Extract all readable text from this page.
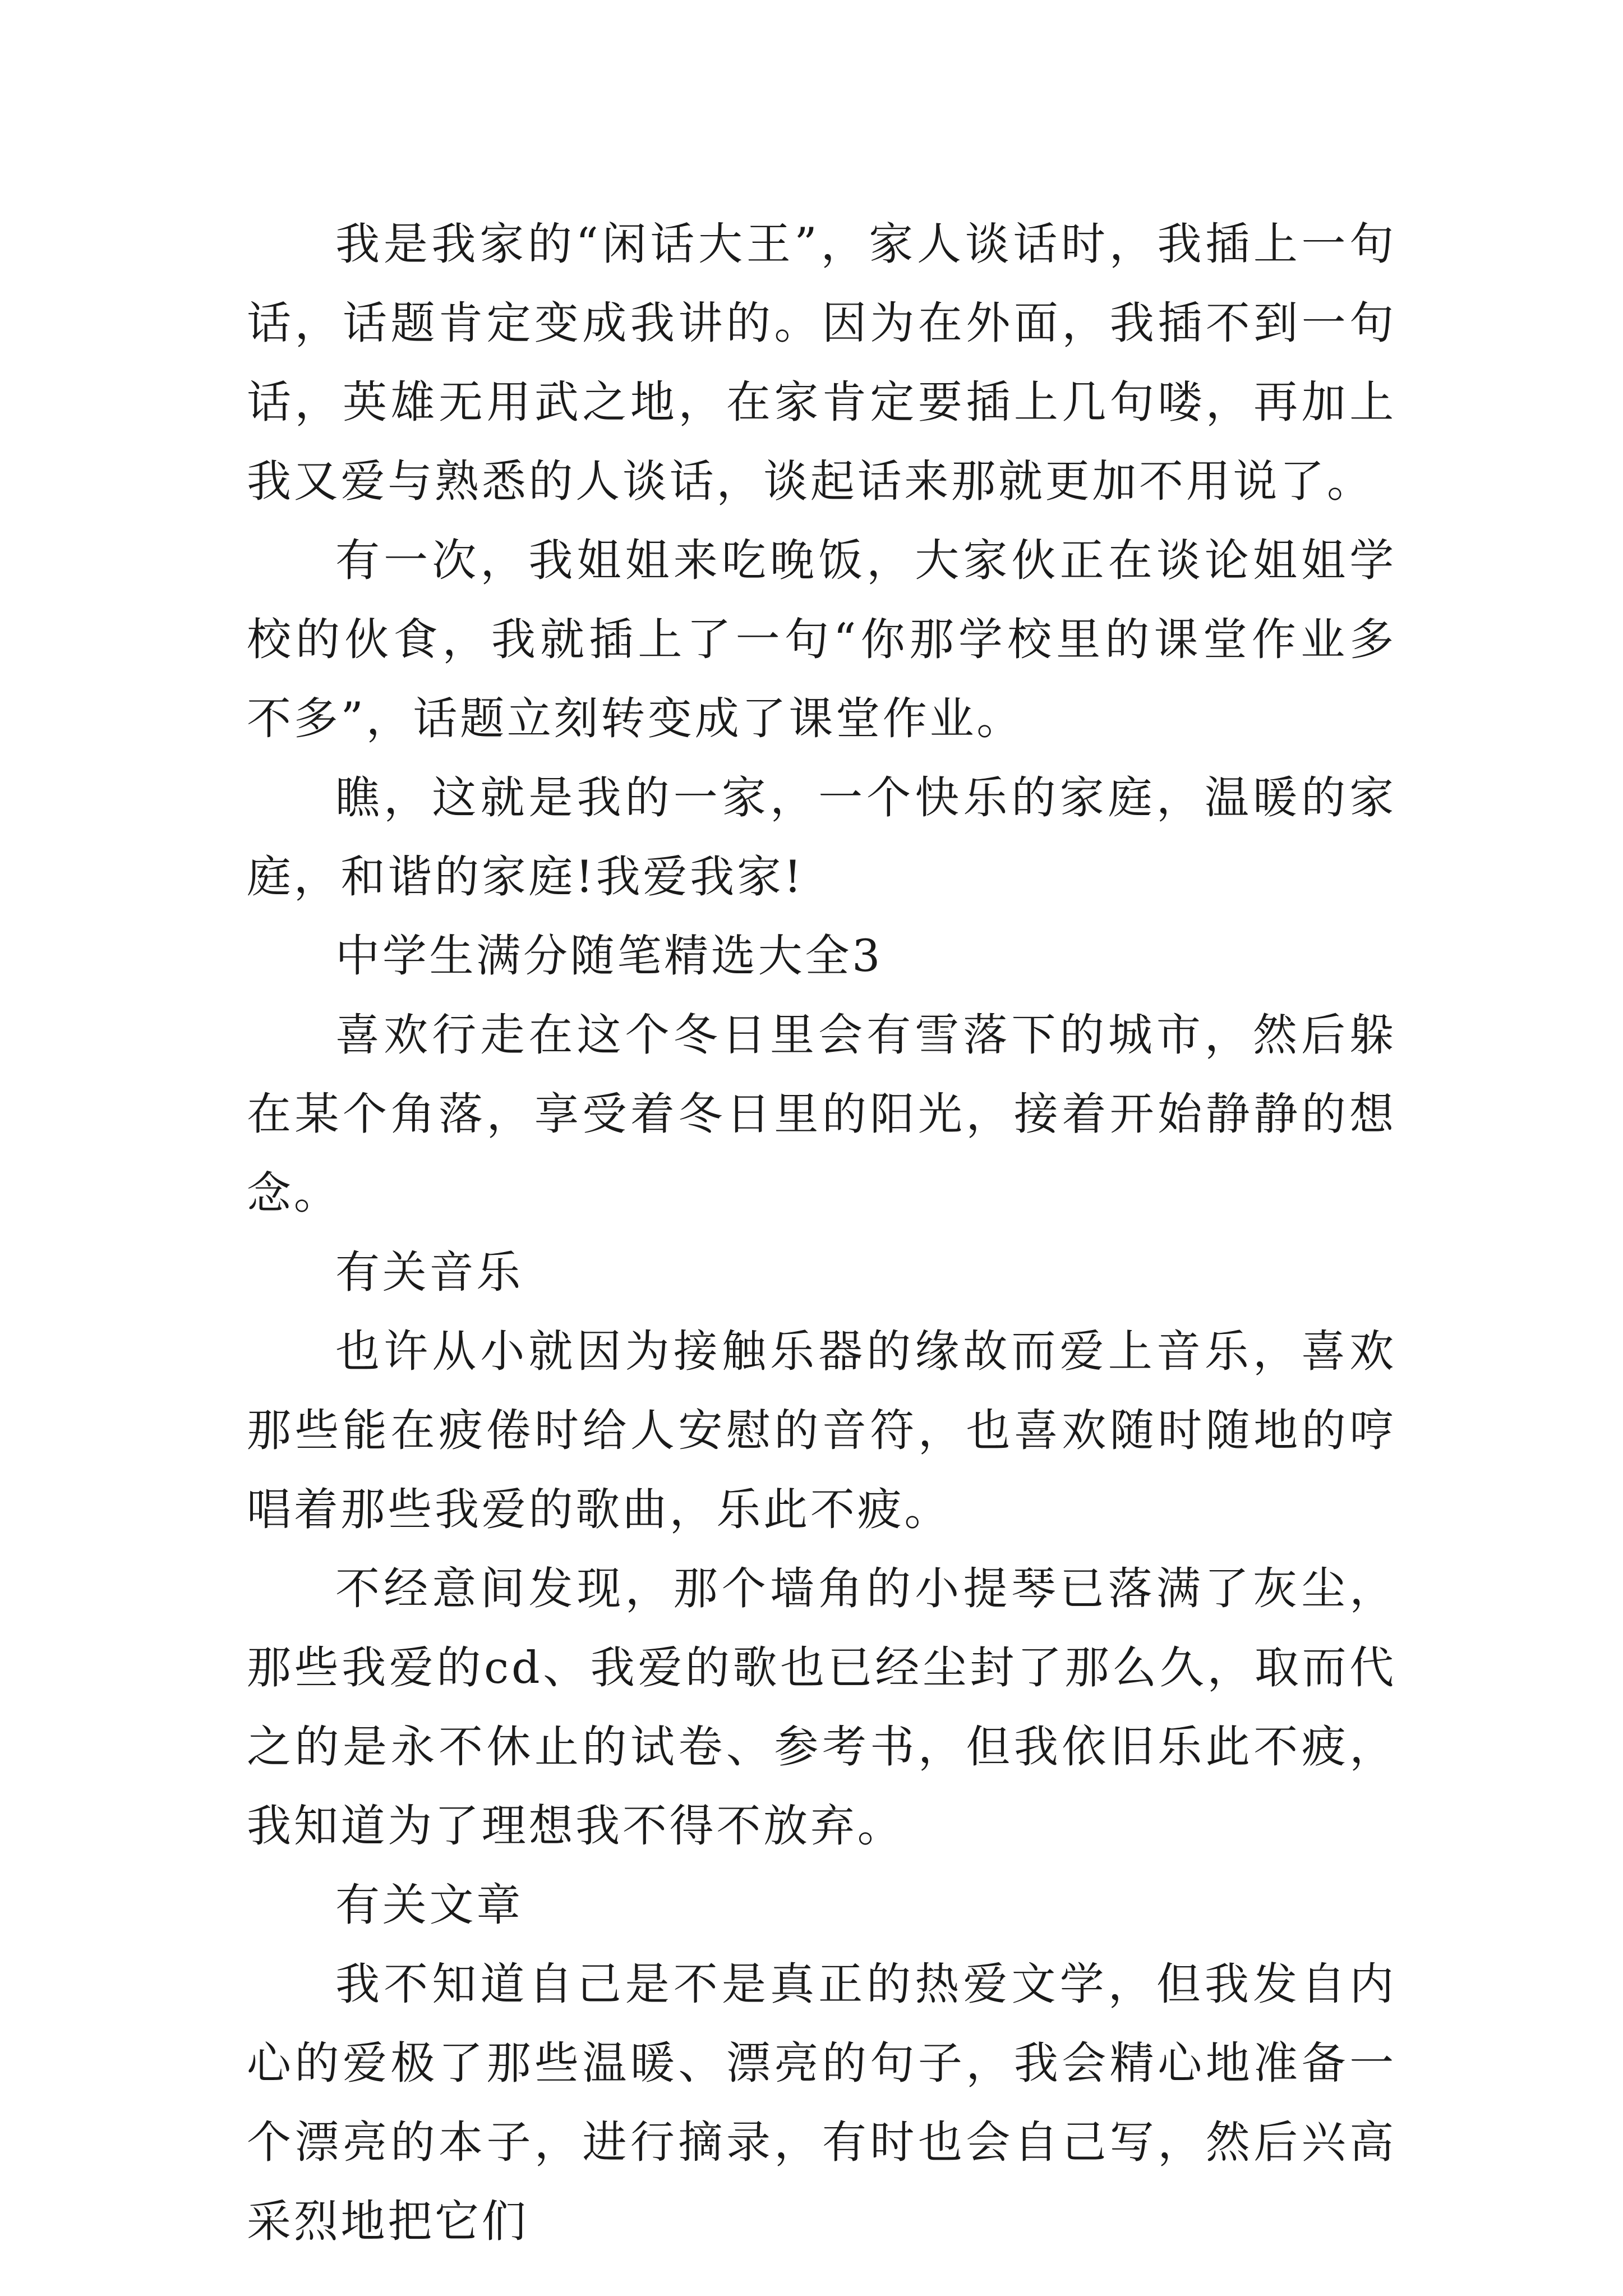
我是我家的“闲话大王”，家人谈话时，我插上一句话，话题肯定变成我讲的。因为在外面，我插不到一句话，英雄无用武之地，在家肯定要插上几句喽，再加上我又爱与熟悉的人谈话，谈起话来那就更加不用说了。

有一次，我姐姐来吃晚饭，大家伙正在谈论姐姐学校的伙食，我就插上了一句“你那学校里的课堂作业多不多”，话题立刻转变成了课堂作业。

瞧，这就是我的一家，一个快乐的家庭，温暖的家庭，和谐的家庭!我爱我家!

中学生满分随笔精选大全3

喜欢行走在这个冬日里会有雪落下的城市，然后躲在某个角落，享受着冬日里的阳光，接着开始静静的想念。

有关音乐

也许从小就因为接触乐器的缘故而爱上音乐，喜欢那些能在疲倦时给人安慰的音符，也喜欢随时随地的哼唱着那些我爱的歌曲，乐此不疲。

不经意间发现，那个墙角的小提琴已落满了灰尘，那些我爱的cd、我爱的歌也已经尘封了那么久，取而代之的是永不休止的试卷、参考书，但我依旧乐此不疲，我知道为了理想我不得不放弃。

有关文章

我不知道自己是不是真正的热爱文学，但我发自内心的爱极了那些温暖、漂亮的句子，我会精心地准备一个漂亮的本子，进行摘录，有时也会自己写，然后兴高采烈地把它们
